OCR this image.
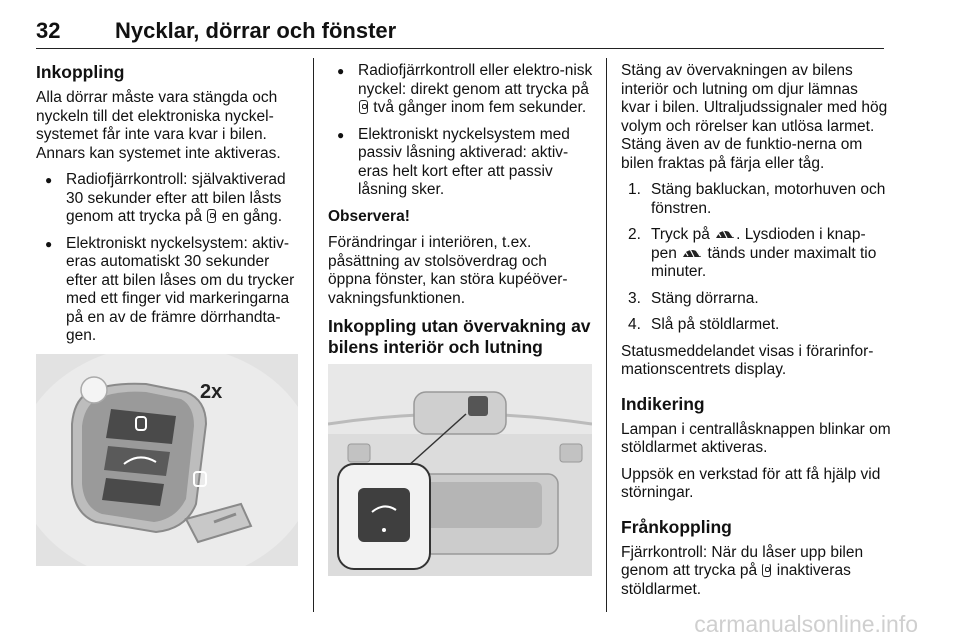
32 Nycklar, dörrar och fönster
Inkoppling

Alla dörrar måste vara stängda och nyckeln till det elektroniska nyckel-systemet får inte vara kvar i bilen. Annars kan systemet inte aktiveras.

● Radiofjärrkontroll: självaktiverad 30 sekunder efter att bilen låsts genom att trycka på  en gång.
● Elektroniskt nyckelsystem: aktiv-eras automatiskt 30 sekunder efter att bilen låses om du trycker med ett finger vid markeringarna på en av de främre dörrhandta-gen.
2x
● Radiofjärrkontroll eller elektro-nisk nyckel: direkt genom att trycka på  två gånger inom fem sekunder.
● Elektroniskt nyckelsystem med passiv låsning aktiverad: aktiv-eras helt kort efter att passiv låsning sker.

Observera!

Förändringar i interiören, t.ex. påsättning av stolsöverdrag och öppna fönster, kan störa kupéöver-vakningsfunktionen.

Inkoppling utan övervakning av bilens interiör och lutning

Stäng av övervakningen av bilens interiör och lutning om djur lämnas kvar i bilen. Ultraljudssignaler med hög volym och rörelser kan utlösa larmet. Stäng även av de funktio-nerna om bilen fraktas på färja eller tåg.

1. Stäng bakluckan, motorhuven och fönstren.
2. Tryck på . Lysdioden i knap-pen  tänds under maximalt tio minuter.
3. Stäng dörrarna.
4. Slå på stöldlarmet.

Statusmeddelandet visas i förarinfor-mationscentrets display.

Indikering

Lampan i centrallåsknappen blinkar om stöldlarmet aktiveras.

Uppsök en verkstad för att få hjälp vid störningar.

Frånkoppling

Fjärrkontroll: När du låser upp bilen genom att trycka på  inaktiveras stöldlarmet.

carmanualsonline.info
